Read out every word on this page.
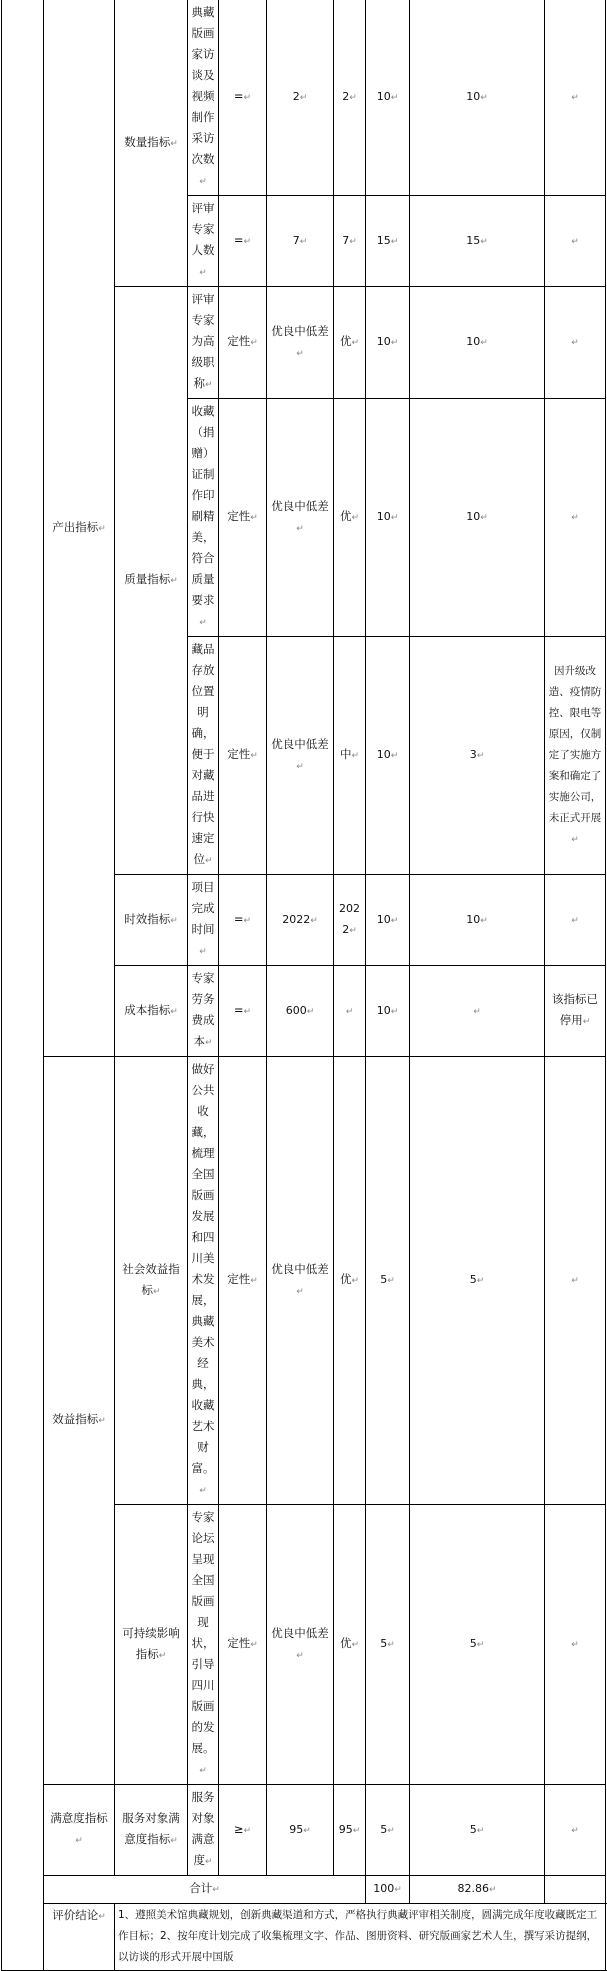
	产出指标↵	数量指标↵	典藏版画家访谈及视频制作采访次数↵	=↵	2↵	2↵	10↵	10↵	↵
			评审专家人数↵	=↵	7↵	7↵	15↵	15↵	↵
		质量指标↵	评审专家为高级职称↵	定性↵	优良中低差↵	优↵	10↵	10↵	↵
			收藏（捐赠）证制作印刷精美，符合质量要求↵	定性↵	优良中低差↵	优↵	10↵	10↵	↵
			藏品存放位置明确，便于对藏品进行快速定位↵	定性↵	优良中低差↵	中↵	10↵	3↵	因升级改造、疫情防控、限电等原因，仅制定了实施方案和确定了实施公司，未正式开展↵
		时效指标↵	项目完成时间↵	=↵	2022↵	2022↵	10↵	10↵	↵
		成本指标↵	专家劳务费成本↵	=↵	600↵	↵	10↵	↵	该指标已停用↵
	效益指标↵	社会效益指标↵	做好公共收藏，梳理全国版画发展和四川美术发展，典藏美术经典，收藏艺术财富。↵	定性↵	优良中低差↵	优↵	5↵	5↵	↵
		可持续影响指标↵	专家论坛呈现全国版画现状，引导四川版画的发展。↵	定性↵	优良中低差↵	优↵	5↵	5↵	↵
	满意度指标↵	服务对象满意度指标↵	服务对象满意度↵	≥↵	95↵	95↵	5↵	5↵	↵
	合计↵						100↵	82.86↵	
	评价结论↵	1、遵照美术馆典藏规划，创新典藏渠道和方式，严格执行典藏评审相关制度，圆满完成年度收藏既定工作目标；2、按年度计划完成了收集梳理文字、作品、图册资料、研究版画家艺术人生，撰写采访提纲，以访谈的形式开展中国版							
